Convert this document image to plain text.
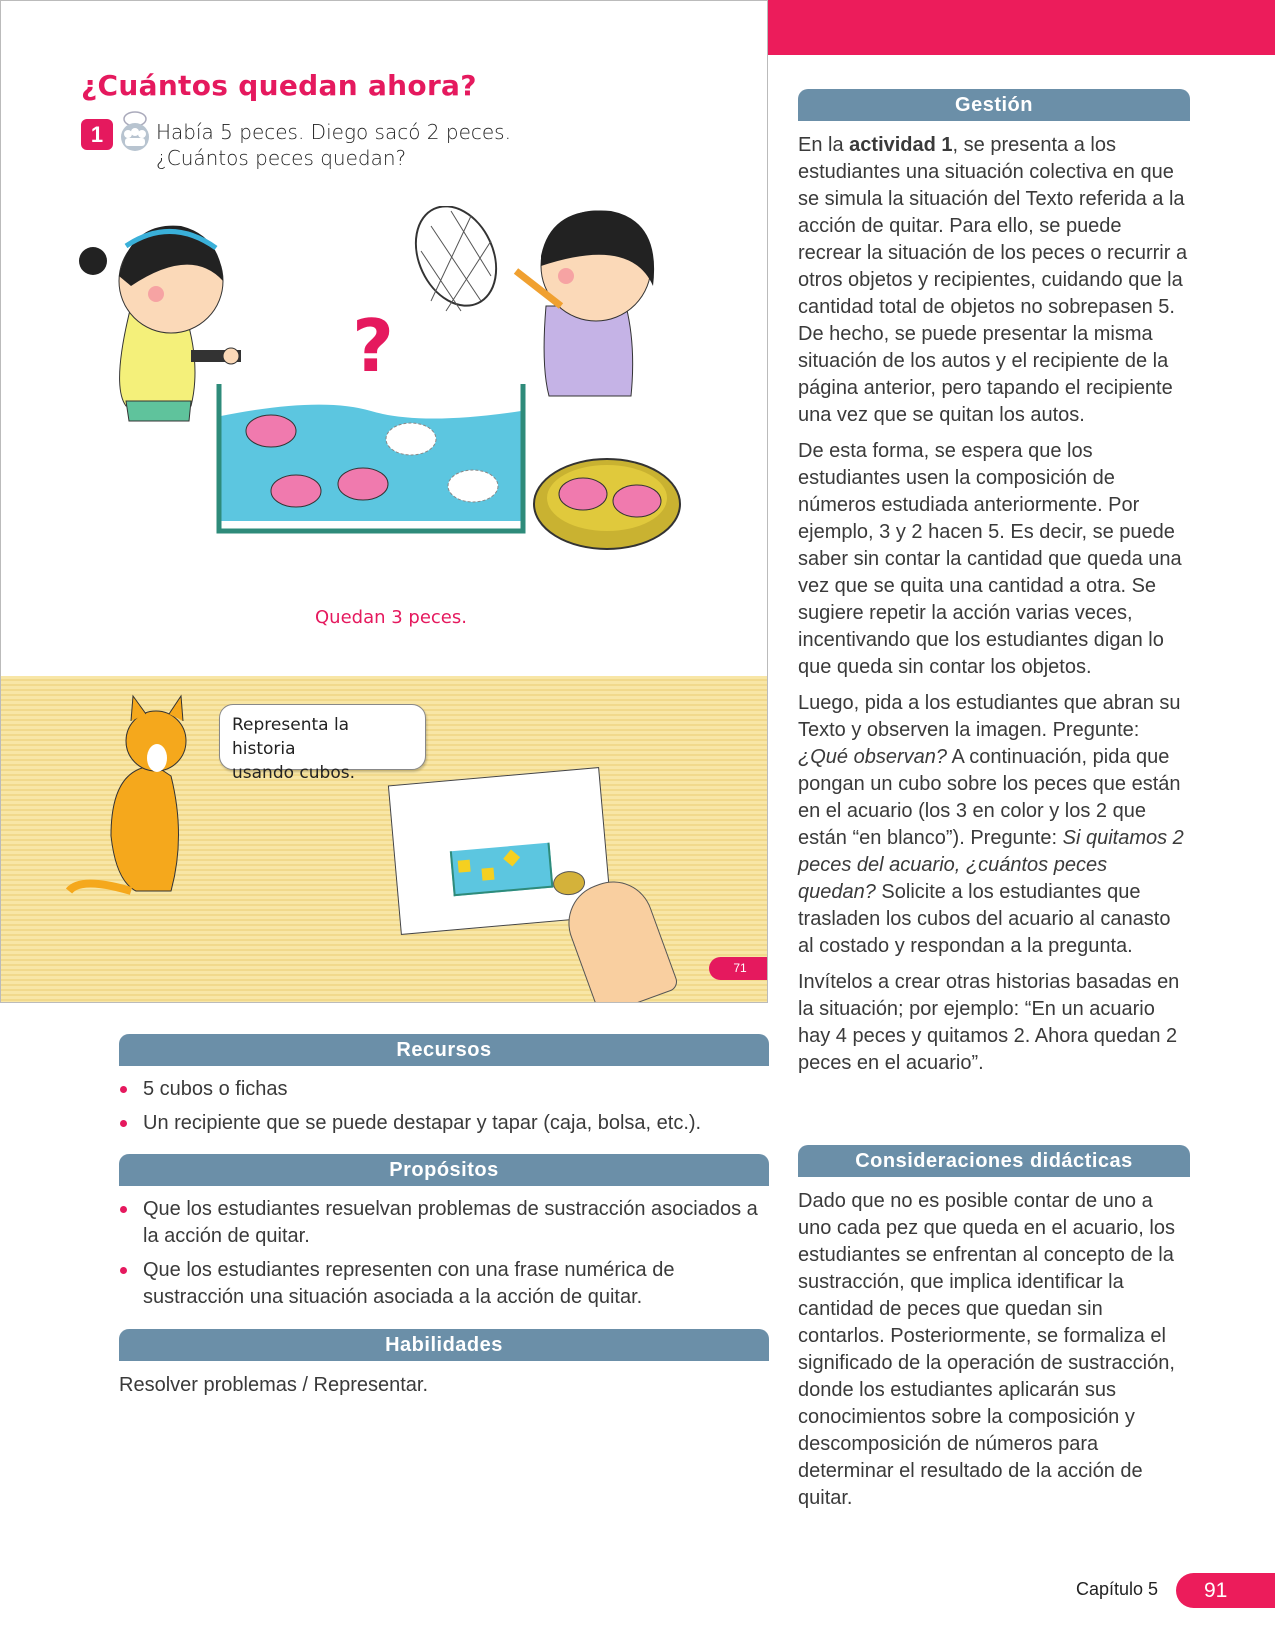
¿Cuántos quedan ahora?
1	Había 5 peces. Diego sacó 2 peces.
¿Cuántos peces quedan?
?
Quedan 3 peces.
Representa la historia
usando cubos.
71
Recursos
5 cubos o fichas
Un recipiente que se puede destapar y tapar (caja, bolsa, etc.).
Propósitos
Que los estudiantes resuelvan problemas de sustracción asociados a la acción de quitar.
Que los estudiantes representen con una frase numérica de sustracción una situación asociada a la acción de quitar.
Habilidades
Resolver problemas / Representar.
Gestión

En la actividad 1, se presenta a los estudiantes una situación colectiva en que se simula la situación del Texto referida a la acción de quitar. Para ello, se puede recrear la situación de los peces o recurrir a otros objetos y recipientes, cuidando que la cantidad total de objetos no sobrepasen 5. De hecho, se puede presentar la misma situación de los autos y el recipiente de la página anterior, pero tapando el recipiente una vez que se quitan los autos.

De esta forma, se espera que los estudiantes usen la composición de números estudiada anteriormente. Por ejemplo, 3 y 2 hacen 5. Es decir, se puede saber sin contar la cantidad que queda una vez que se quita una cantidad a otra. Se sugiere repetir la acción varias veces, incentivando que los estudiantes digan lo que queda sin contar los objetos.

Luego, pida a los estudiantes que abran su Texto y observen la imagen. Pregunte: ¿Qué observan? A continuación, pida que pongan un cubo sobre los peces que están en el acuario (los 3 en color y los 2 que están “en blanco”). Pregunte: Si quitamos 2 peces del acuario, ¿cuántos peces quedan? Solicite a los estudiantes que trasladen los cubos del acuario al canasto al costado y respondan a la pregunta.

Invítelos a crear otras historias basadas en la situación; por ejemplo: “En un acuario hay 4 peces y quitamos 2. Ahora quedan 2 peces en el acuario”.

Consideraciones didácticas

Dado que no es posible contar de uno a uno cada pez que queda en el acuario, los estudiantes se enfrentan al concepto de la sustracción, que implica identificar la cantidad de peces que quedan sin contarlos. Posteriormente, se formaliza el significado de la operación de sustracción, donde los estudiantes aplicarán sus conocimientos sobre la composición y descomposición de números para determinar el resultado de la acción de quitar.

Capítulo 5	91
